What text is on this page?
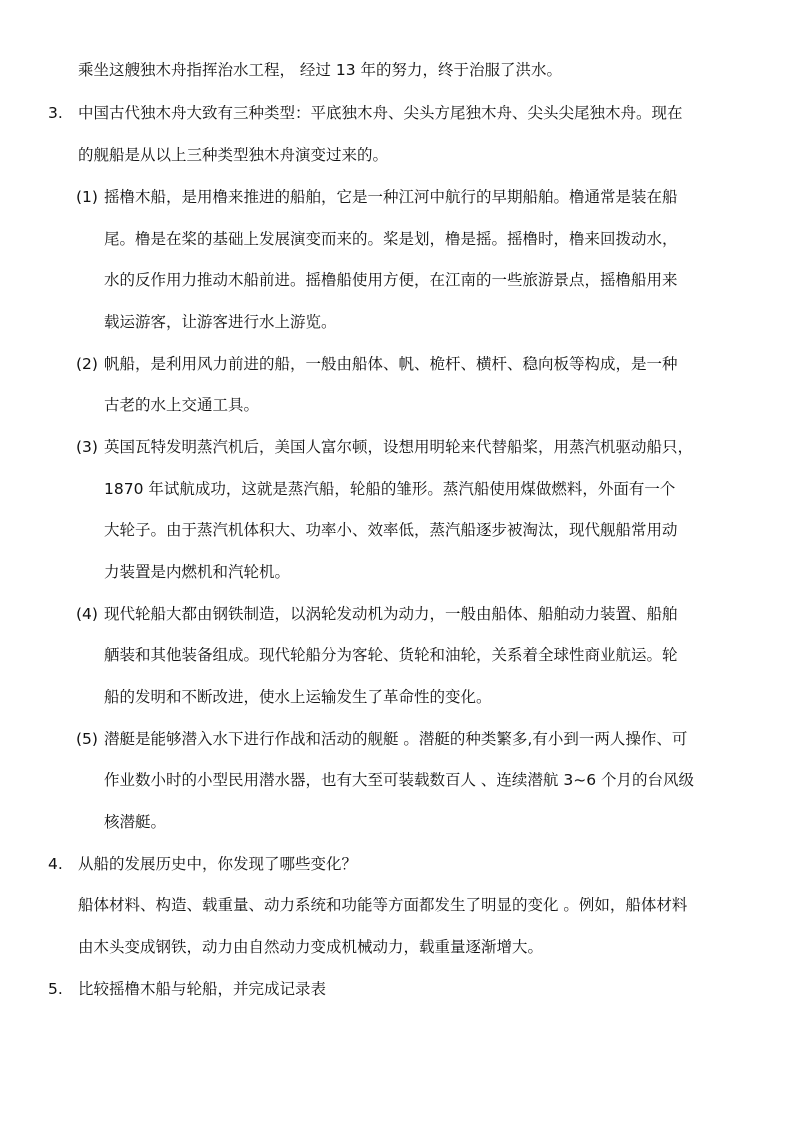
乘坐这艘独木舟指挥治水工程， 经过 13 年的努力，终于治服了洪水。
3. 中国古代独木舟大致有三种类型：平底独木舟、尖头方尾独木舟、尖头尖尾独木舟。现在
的舰船是从以上三种类型独木舟演变过来的。
(1) 摇橹木船，是用橹来推进的船舶，它是一种江河中航行的早期船舶。橹通常是装在船
尾。橹是在桨的基础上发展演变而来的。桨是划，橹是摇。摇橹时，橹来回拨动水，
水的反作用力推动木船前进。摇橹船使用方便，在江南的一些旅游景点，摇橹船用来
载运游客，让游客进行水上游览。
(2) 帆船，是利用风力前进的船，一般由船体、帆、桅杆、横杆、稳向板等构成，是一种
古老的水上交通工具。
(3) 英国瓦特发明蒸汽机后，美国人富尔顿，设想用明轮来代替船桨，用蒸汽机驱动船只，
1870 年试航成功，这就是蒸汽船，轮船的雏形。蒸汽船使用煤做燃料，外面有一个
大轮子。由于蒸汽机体积大、功率小、效率低，蒸汽船逐步被淘汰，现代舰船常用动
力装置是内燃机和汽轮机。
(4) 现代轮船大都由钢铁制造，以涡轮发动机为动力，一般由船体、船舶动力装置、船舶
舾装和其他装备组成。现代轮船分为客轮、货轮和油轮，关系着全球性商业航运。轮
船的发明和不断改进，使水上运输发生了革命性的变化。
(5) 潜艇是能够潜入水下进行作战和活动的舰艇 。潜艇的种类繁多,有小到一两人操作、可
作业数小时的小型民用潜水器，也有大至可装载数百人 、连续潜航 3~6 个月的台风级
核潜艇。
4. 从船的发展历史中，你发现了哪些变化？
船体材料、构造、载重量、动力系统和功能等方面都发生了明显的变化 。例如，船体材料
由木头变成钢铁，动力由自然动力变成机械动力，载重量逐渐增大。
5. 比较摇橹木船与轮船，并完成记录表
